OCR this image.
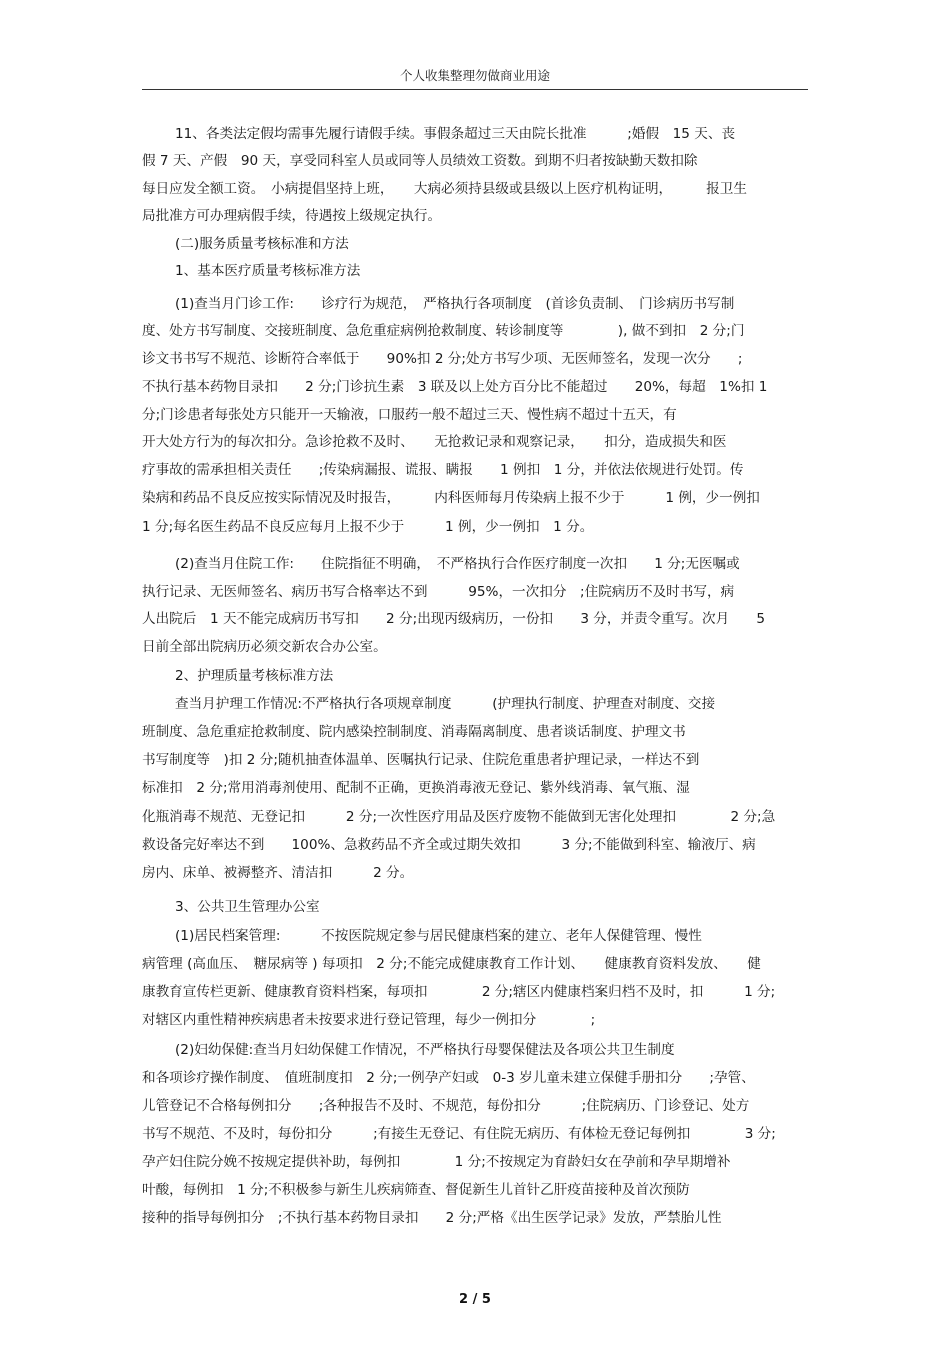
个人收集整理勿做商业用途
11、各类法定假均需事先履行请假手续。事假条超过三天由院长批准　　　;婚假　15 天、丧
假 7 天、产假　90 天，享受同科室人员或同等人员绩效工资数。到期不归者按缺勤天数扣除
每日应发全额工资。　小病提倡坚持上班，　　大病必须持县级或县级以上医疗机构证明，　　　报卫生
局批准方可办理病假手续，待遇按上级规定执行。
(二)服务质量考核标准和方法
1、基本医疗质量考核标准方法
(1)查当月门诊工作:　　诊疗行为规范，　严格执行各项制度　(首诊负责制、　门诊病历书写制
度、处方书写制度、交接班制度、急危重症病例抢救制度、转诊制度等　　　　), 做不到扣　2 分;门
诊文书书写不规范、诊断符合率低于　　90%扣 2 分;处方书写少项、无医师签名，发现一次分　　;
不执行基本药物目录扣　　2 分;门诊抗生素　3 联及以上处方百分比不能超过　　20%，每超　1%扣 1
分;门诊患者每张处方只能开一天输液，口服药一般不超过三天、慢性病不超过十五天，有
开大处方行为的每次扣分。急诊抢救不及时、　　无抢救记录和观察记录，　　扣分，造成损失和医
疗事故的需承担相关责任　　;传染病漏报、谎报、瞒报　　1 例扣　1 分，并依法依规进行处罚。传
染病和药品不良反应按实际情况及时报告，　　　内科医师每月传染病上报不少于　　　1 例，少一例扣
1 分;每名医生药品不良反应每月上报不少于　　　1 例，少一例扣　1 分。
(2)查当月住院工作:　　住院指征不明确，　不严格执行合作医疗制度一次扣　　1 分;无医嘱或
执行记录、无医师签名、病历书写合格率达不到　　　95%，一次扣分　;住院病历不及时书写，病
人出院后　1 天不能完成病历书写扣　　2 分;出现丙级病历，一份扣　　3 分，并责令重写。次月　　5
日前全部出院病历必须交新农合办公室。
2、护理质量考核标准方法
查当月护理工作情况:不严格执行各项规章制度　　　(护理执行制度、护理查对制度、交接
班制度、急危重症抢救制度、院内感染控制制度、消毒隔离制度、患者谈话制度、护理文书
书写制度等　)扣 2 分;随机抽查体温单、医嘱执行记录、住院危重患者护理记录，一样达不到
标准扣　2 分;常用消毒剂使用、配制不正确，更换消毒液无登记、紫外线消毒、氧气瓶、湿
化瓶消毒不规范、无登记扣　　　2 分;一次性医疗用品及医疗废物不能做到无害化处理扣　　　　2 分;急
救设备完好率达不到　　100%、急救药品不齐全或过期失效扣　　　3 分;不能做到科室、输液厅、病
房内、床单、被褥整齐、清洁扣　　　2 分。
3、公共卫生管理办公室
(1)居民档案管理:　　　不按医院规定参与居民健康档案的建立、老年人保健管理、慢性
病管理 (高血压、　糖尿病等 ) 每项扣　2 分;不能完成健康教育工作计划、　　健康教育资料发放、　　健
康教育宣传栏更新、健康教育资料档案，每项扣　　　　2 分;辖区内健康档案归档不及时，扣　　　1 分;
对辖区内重性精神疾病患者未按要求进行登记管理，每少一例扣分　　　　;
(2)妇幼保健:查当月妇幼保健工作情况，不严格执行母婴保健法及各项公共卫生制度
和各项诊疗操作制度、　值班制度扣　2 分;一例孕产妇或　0-3 岁儿童未建立保健手册扣分　　;孕管、
儿管登记不合格每例扣分　　;各种报告不及时、不规范，每份扣分　　　;住院病历、门诊登记、处方
书写不规范、不及时，每份扣分　　　;有接生无登记、有住院无病历、有体检无登记每例扣　　　　3 分;
孕产妇住院分娩不按规定提供补助，每例扣　　　　1 分;不按规定为育龄妇女在孕前和孕早期增补
叶酸，每例扣　1 分;不积极参与新生儿疾病筛查、督促新生儿首针乙肝疫苗接种及首次预防
接种的指导每例扣分　;不执行基本药物目录扣　　2 分;严格《出生医学记录》发放，严禁胎儿性
2 / 5
